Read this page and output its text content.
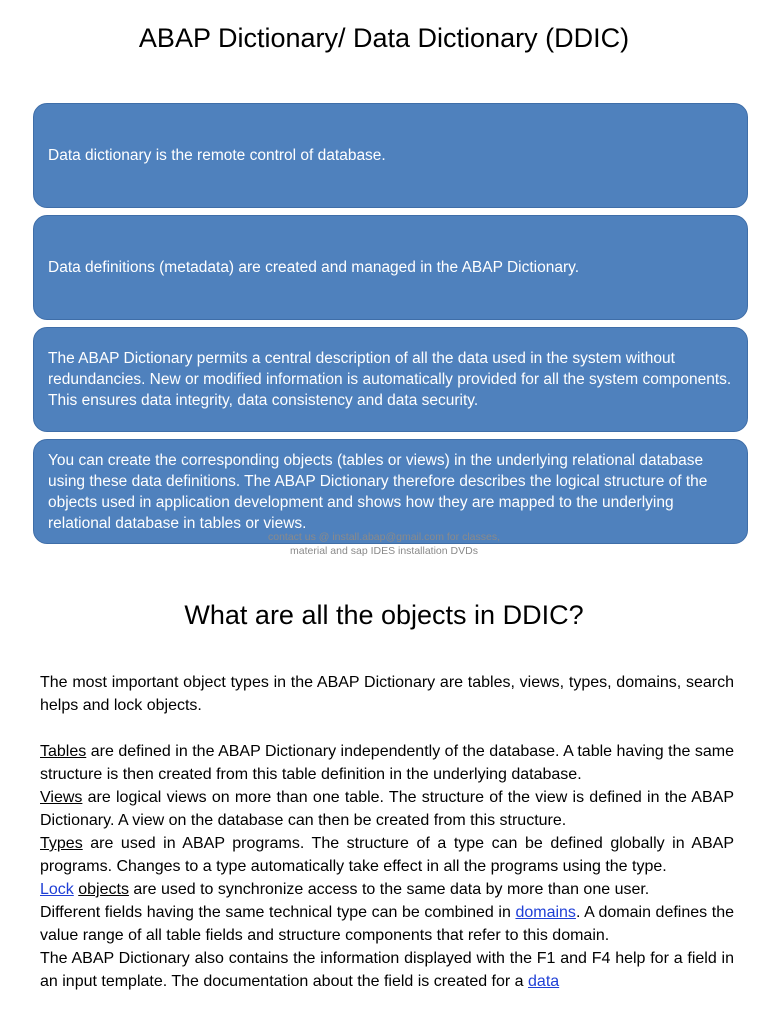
ABAP Dictionary/ Data Dictionary (DDIC)
Data dictionary is the remote control of database.
Data definitions (metadata) are created and managed in the ABAP Dictionary.
The ABAP Dictionary permits a central description of all the data used in the system without redundancies. New or modified information is automatically provided for all the system components. This ensures data integrity, data consistency and data security.
You can create the corresponding objects (tables or views) in the underlying relational database using these data definitions. The ABAP Dictionary therefore describes the logical structure of the objects used in application development and shows how they are mapped to the underlying relational database in tables or views.
contact us @ install.abap@gmail.com for classes, material and sap IDES installation DVDs
What are all the objects in DDIC?

The most important object types in the ABAP Dictionary are tables, views, types, domains, search helps and lock objects.

Tables are defined in the ABAP Dictionary independently of the database. A table having the same structure is then created from this table definition in the underlying database.

Views are logical views on more than one table. The structure of the view is defined in the ABAP Dictionary. A view on the database can then be created from this structure.

Types are used in ABAP programs. The structure of a type can be defined globally in ABAP programs. Changes to a type automatically take effect in all the programs using the type.

Lock objects are used to synchronize access to the same data by more than one user.

Different fields having the same technical type can be combined in domains. A domain defines the value range of all table fields and structure components that refer to this domain.

The ABAP Dictionary also contains the information displayed with the F1 and F4 help for a field in an input template. The documentation about the field is created for a data
